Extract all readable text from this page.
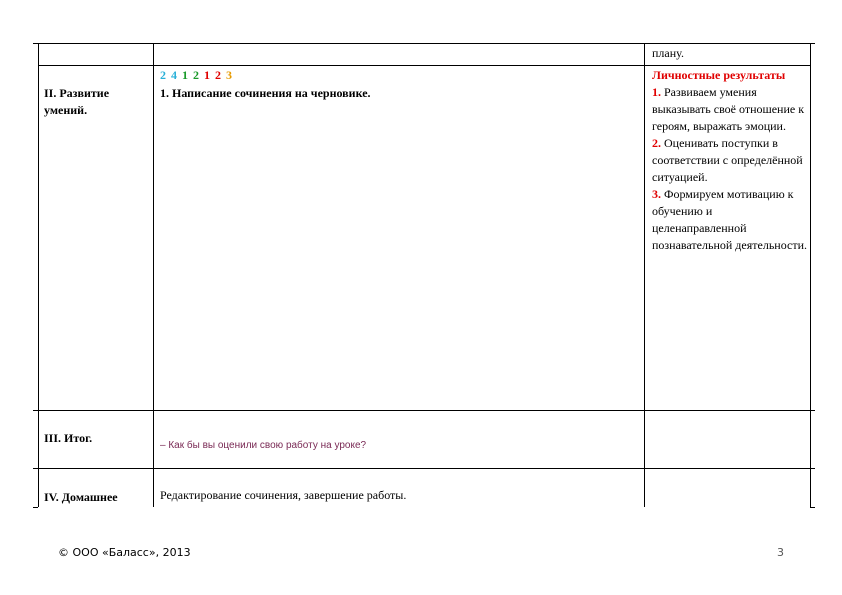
плану.
II. Развитие умений.
2 4 1 2 1 2 3
1. Написание сочинения на черновике.
Личностные результаты
1. Развиваем умения выказывать своё отношение к героям, выражать эмоции.
2. Оценивать поступки в соответствии с определённой ситуацией.
3. Формируем мотивацию к обучению и целенаправленной познавательной деятельности.
III. Итог.
– Как бы вы оценили свою работу на уроке?
IV. Домашнее	Редактирование сочинения, завершение работы.
© ООО «Баласс», 2013	3
